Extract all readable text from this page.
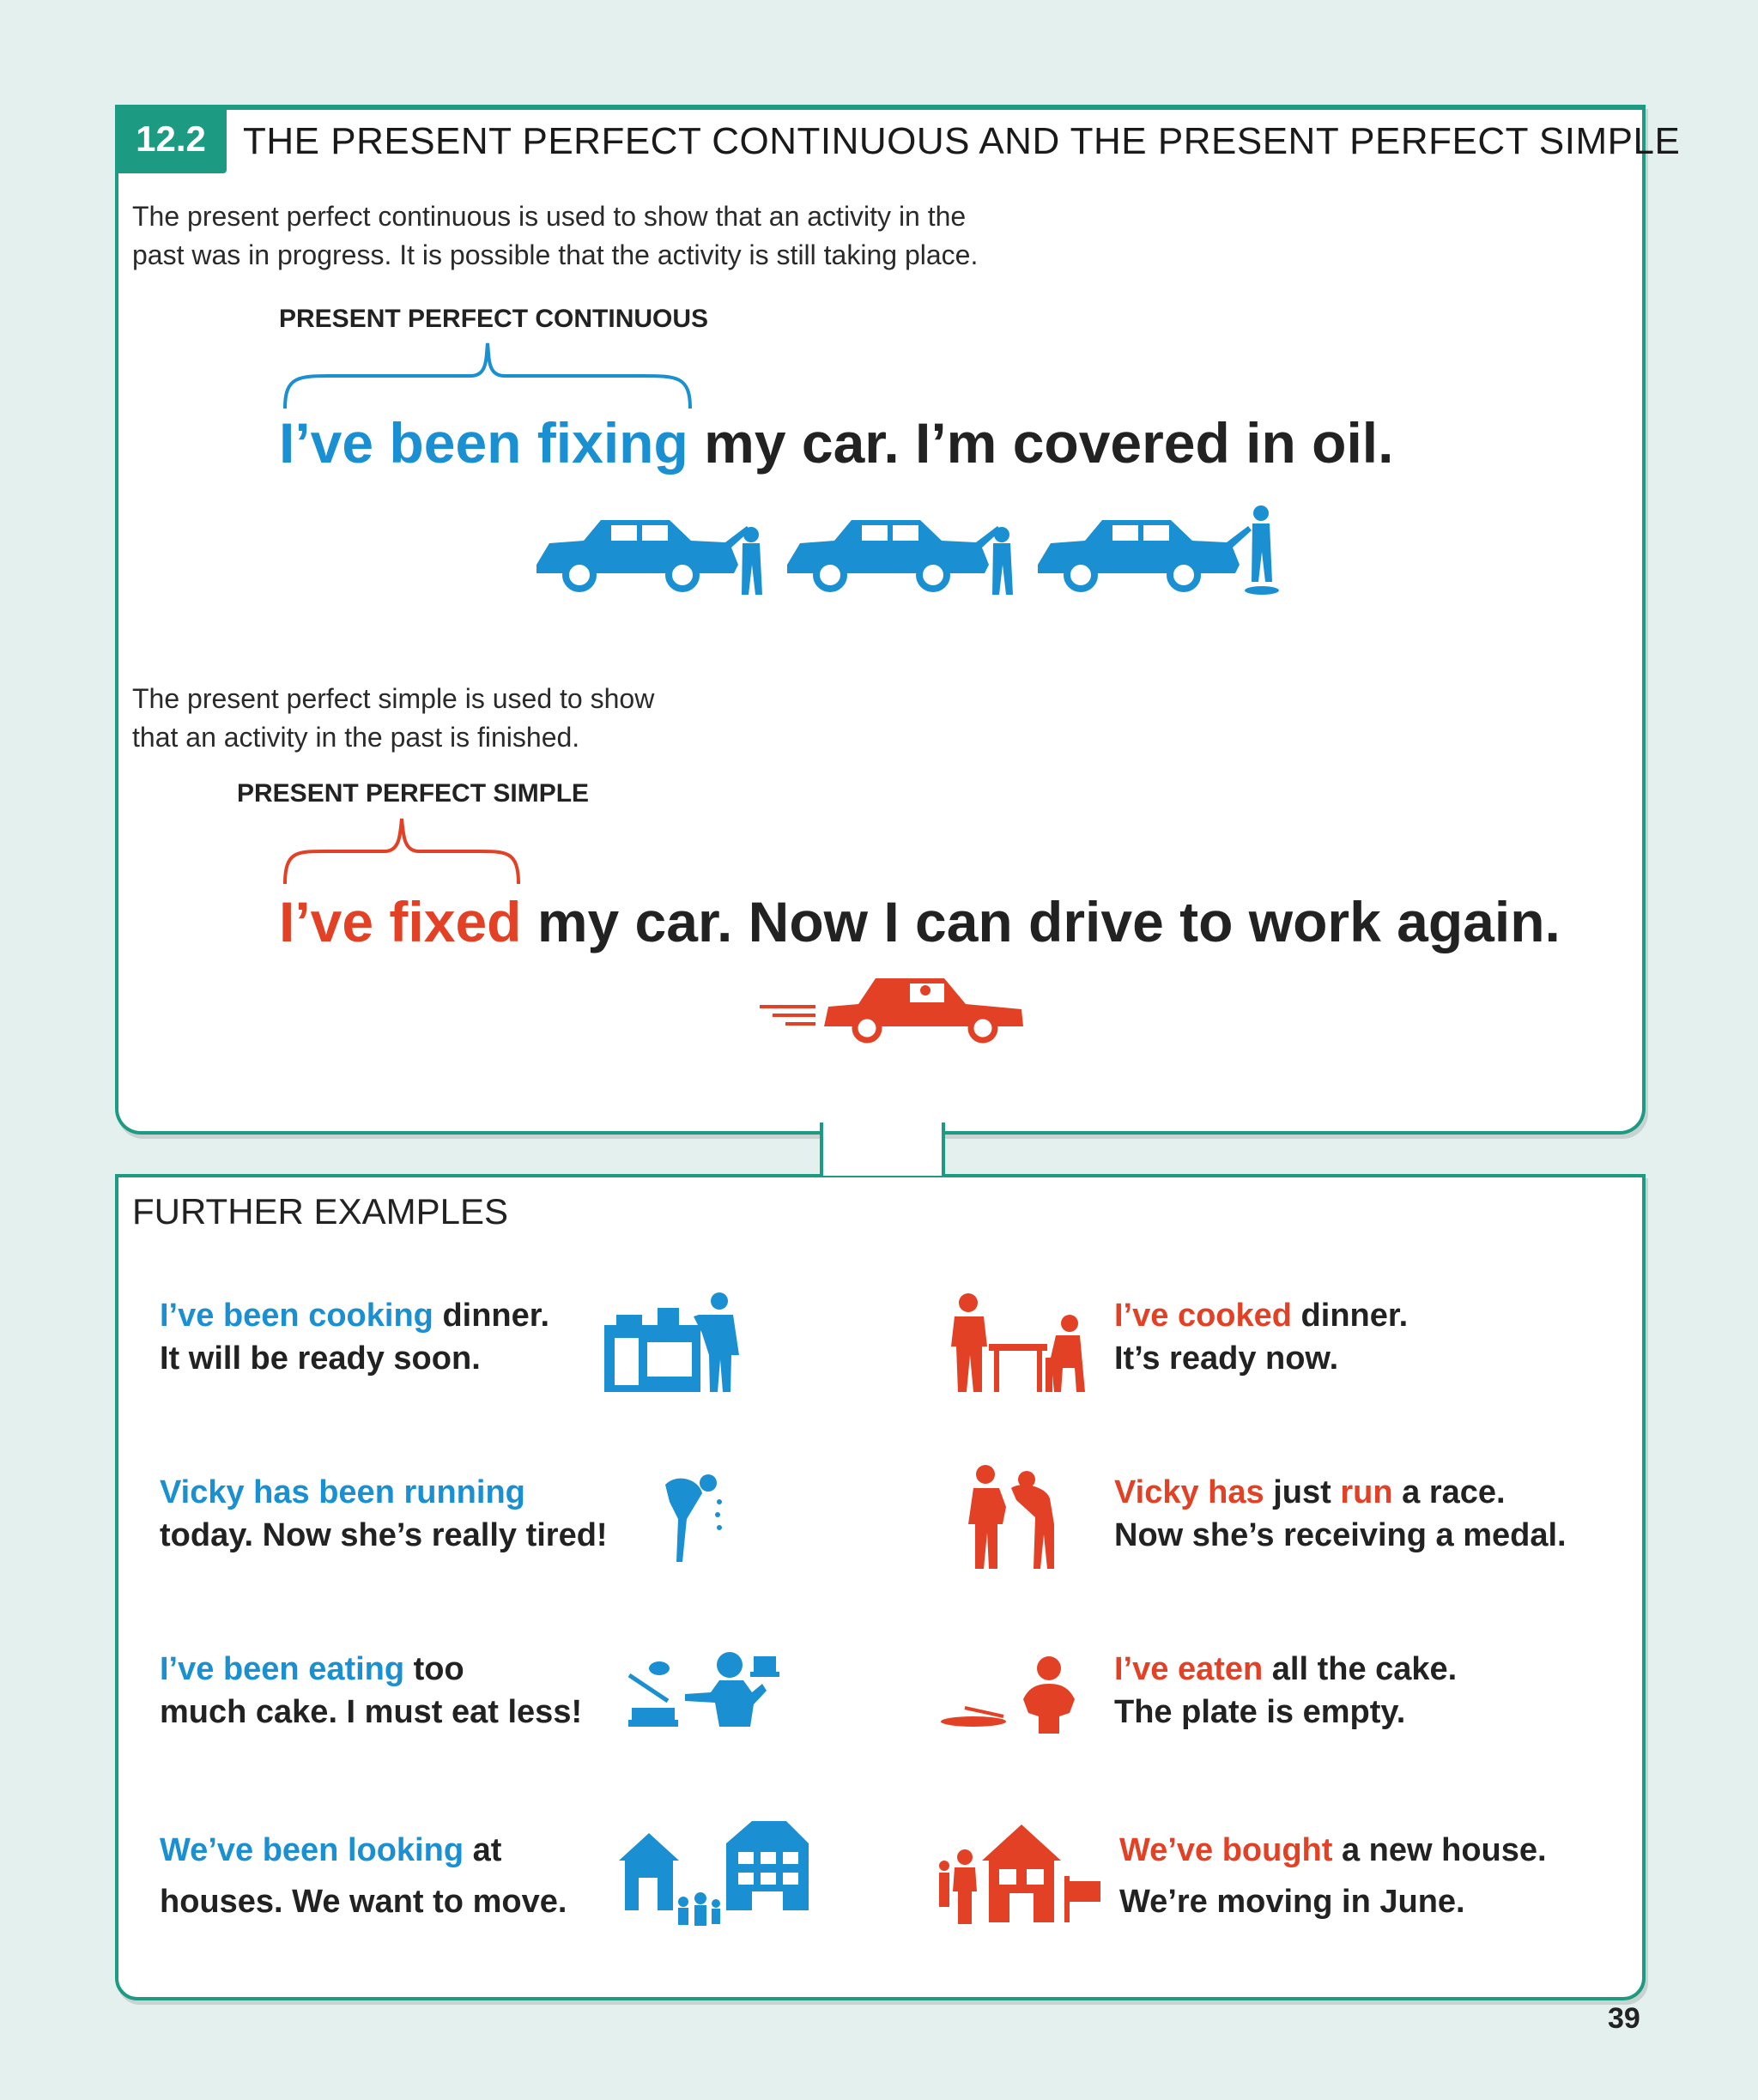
12.2 THE PRESENT PERFECT CONTINUOUS AND THE PRESENT PERFECT SIMPLE
The present perfect continuous is used to show that an activity in the
past was in progress. It is possible that the activity is still taking place.
PRESENT PERFECT CONTINUOUS
I’ve been fixing my car. I’m covered in oil.
The present perfect simple is used to show
that an activity in the past is finished.
PRESENT PERFECT SIMPLE
I’ve fixed my car. Now I can drive to work again.
FURTHER EXAMPLES
I’ve been cooking dinner.
It will be ready soon.
Vicky has been running
today. Now she’s really tired!
I’ve been eating too
much cake. I must eat less!
We’ve been looking at
houses. We want to move.
I’ve cooked dinner.
It’s ready now.
Vicky has just run a race.
Now she’s receiving a medal.
I’ve eaten all the cake.
The plate is empty.
We’ve bought a new house.
We’re moving in June.
39
